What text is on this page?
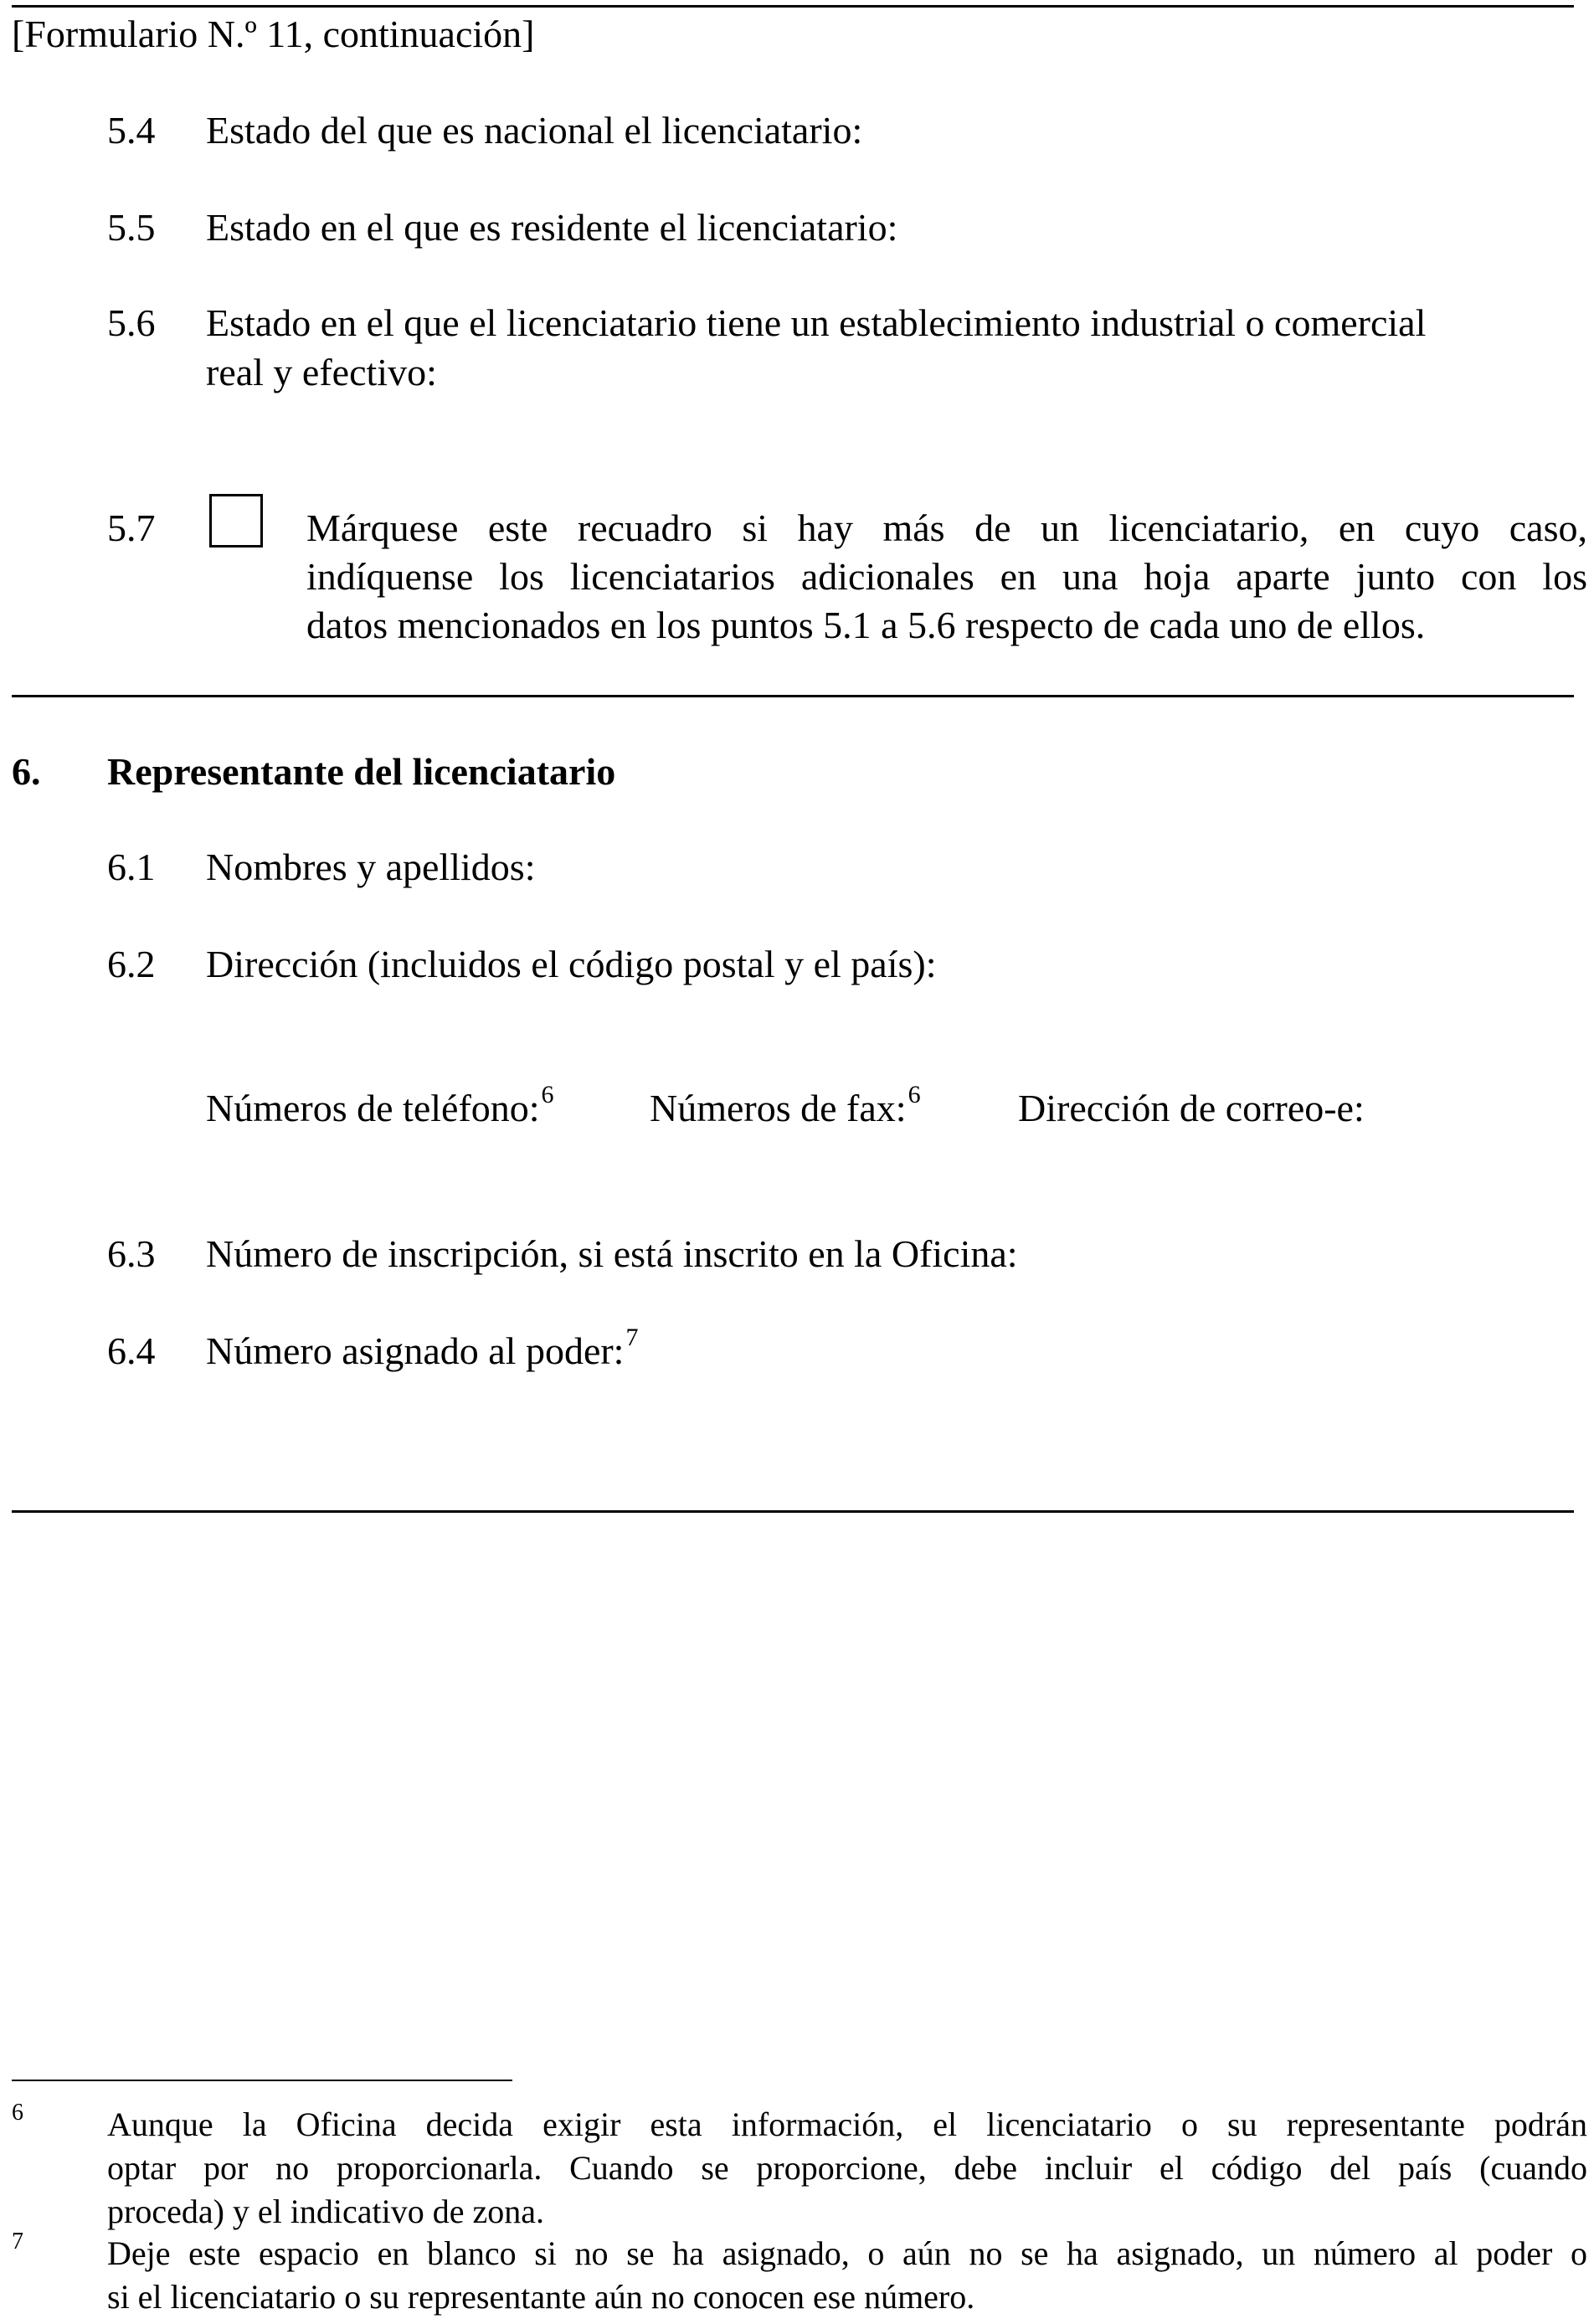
[Formulario N.º 11, continuación]
5.4 Estado del que es nacional el licenciatario:
5.5 Estado en el que es residente el licenciatario:
5.6 Estado en el que el licenciatario tiene un establecimiento industrial o comercial
real y efectivo:
5.7	Márquese este recuadro si hay más de un licenciatario, en cuyo caso,
indíquense los licenciatarios adicionales en una hoja aparte junto con los
datos mencionados en los puntos 5.1 a 5.6 respecto de cada uno de ellos.
6. Representante del licenciatario
6.1 Nombres y apellidos:
6.2 Dirección (incluidos el código postal y el país):
Números de teléfono:$^6$ Números de fax:$^6$	Dirección de correo-e:
6.3 Número de inscripción, si está inscrito en la Oficina:
6.4 Número asignado al poder:$^7$
6	Aunque la Oficina decida exigir esta información, el licenciatario o su representante podrán
optar por no proporcionarla. Cuando se proporcione, debe incluir el código del país (cuando
proceda) y el indicativo de zona.
7	Deje este espacio en blanco si no se ha asignado, o aún no se ha asignado, un número al poder o
si el licenciatario o su representante aún no conocen ese número.
